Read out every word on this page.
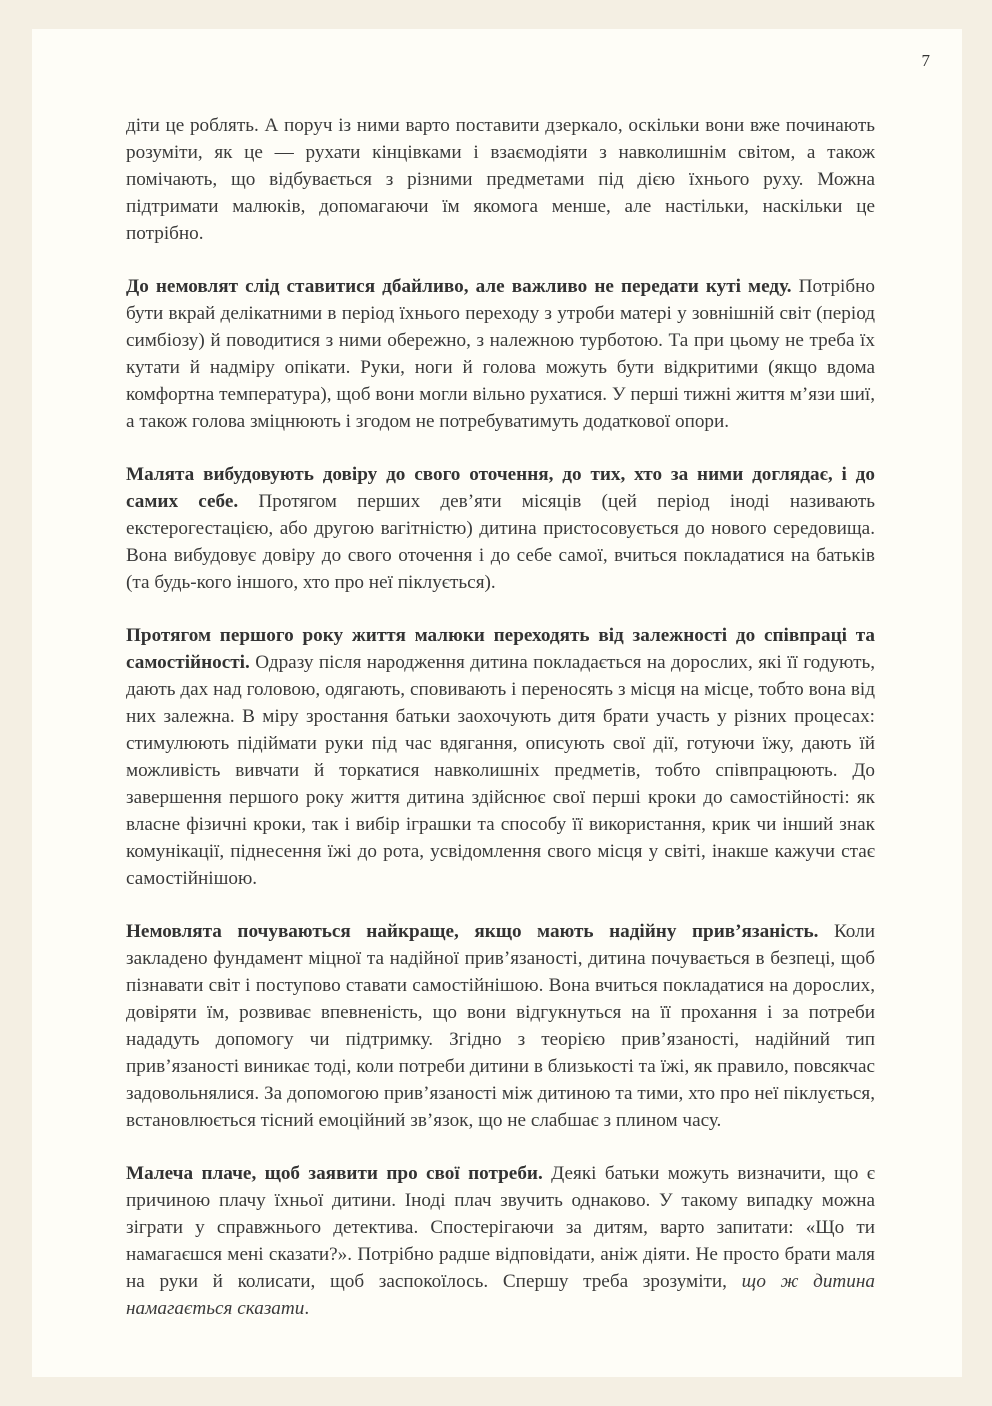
7

діти це роблять. А поруч із ними варто поставити дзеркало, оскільки вони вже починають розуміти, як це — рухати кінцівками і взаємодіяти з навколишнім світом, а також помічають, що відбувається з різними предметами під дією їхнього руху. Можна підтримати малюків, допомагаючи їм якомога менше, але настільки, наскільки це потрібно.

До немовлят слід ставитися дбайливо, але важливо не передати куті меду. Потрібно бути вкрай делікатними в період їхнього переходу з утроби матері у зовнішній світ (період симбіозу) й поводитися з ними обережно, з належною турботою. Та при цьому не треба їх кутати й надміру опікати. Руки, ноги й голова можуть бути відкритими (якщо вдома комфортна температура), щоб вони могли вільно рухатися. У перші тижні життя м’язи шиї, а також голова зміцнюють і згодом не потребуватимуть додаткової опори.

Малята вибудовують довіру до свого оточення, до тих, хто за ними доглядає, і до самих себе. Протягом перших дев’яти місяців (цей період іноді називають екстерогестацією, або другою вагітністю) дитина пристосовується до нового середовища. Вона вибудовує довіру до свого оточення і до себе самої, вчиться покладатися на батьків (та будь-кого іншого, хто про неї піклується).

Протягом першого року життя малюки переходять від залежності до співпраці та самостійності. Одразу після народження дитина покладається на дорослих, які її годують, дають дах над головою, одягають, сповивають і переносять з місця на місце, тобто вона від них залежна. В міру зростання батьки заохочують дитя брати участь у різних процесах: стимулюють підіймати руки під час вдягання, описують свої дії, готуючи їжу, дають їй можливість вивчати й торкатися навколишніх предметів, тобто співпрацюють. До завершення першого року життя дитина здійснює свої перші кроки до самостійності: як власне фізичні кроки, так і вибір іграшки та способу її використання, крик чи інший знак комунікації, піднесення їжі до рота, усвідомлення свого місця у світі, інакше кажучи стає самостійнішою.

Немовлята почуваються найкраще, якщо мають надійну прив’язаність. Коли закладено фундамент міцної та надійної прив’язаності, дитина почувається в безпеці, щоб пізнавати світ і поступово ставати самостійнішою. Вона вчиться покладатися на дорослих, довіряти їм, розвиває впевненість, що вони відгукнуться на її прохання і за потреби нададуть допомогу чи підтримку. Згідно з теорією прив’язаності, надійний тип прив’язаності виникає тоді, коли потреби дитини в близькості та їжі, як правило, повсякчас задовольнялися. За допомогою прив’язаності між дитиною та тими, хто про неї піклується, встановлюється тісний емоційний зв’язок, що не слабшає з плином часу.

Малеча плаче, щоб заявити про свої потреби. Деякі батьки можуть визначити, що є причиною плачу їхньої дитини. Іноді плач звучить однаково. У такому випадку можна зіграти у справжнього детектива. Спостерігаючи за дитям, варто запитати: «Що ти намагаєшся мені сказати?». Потрібно радше відповідати, аніж діяти. Не просто брати маля на руки й колисати, щоб заспокоїлось. Спершу треба зрозуміти, що ж дитина намагається сказати.
